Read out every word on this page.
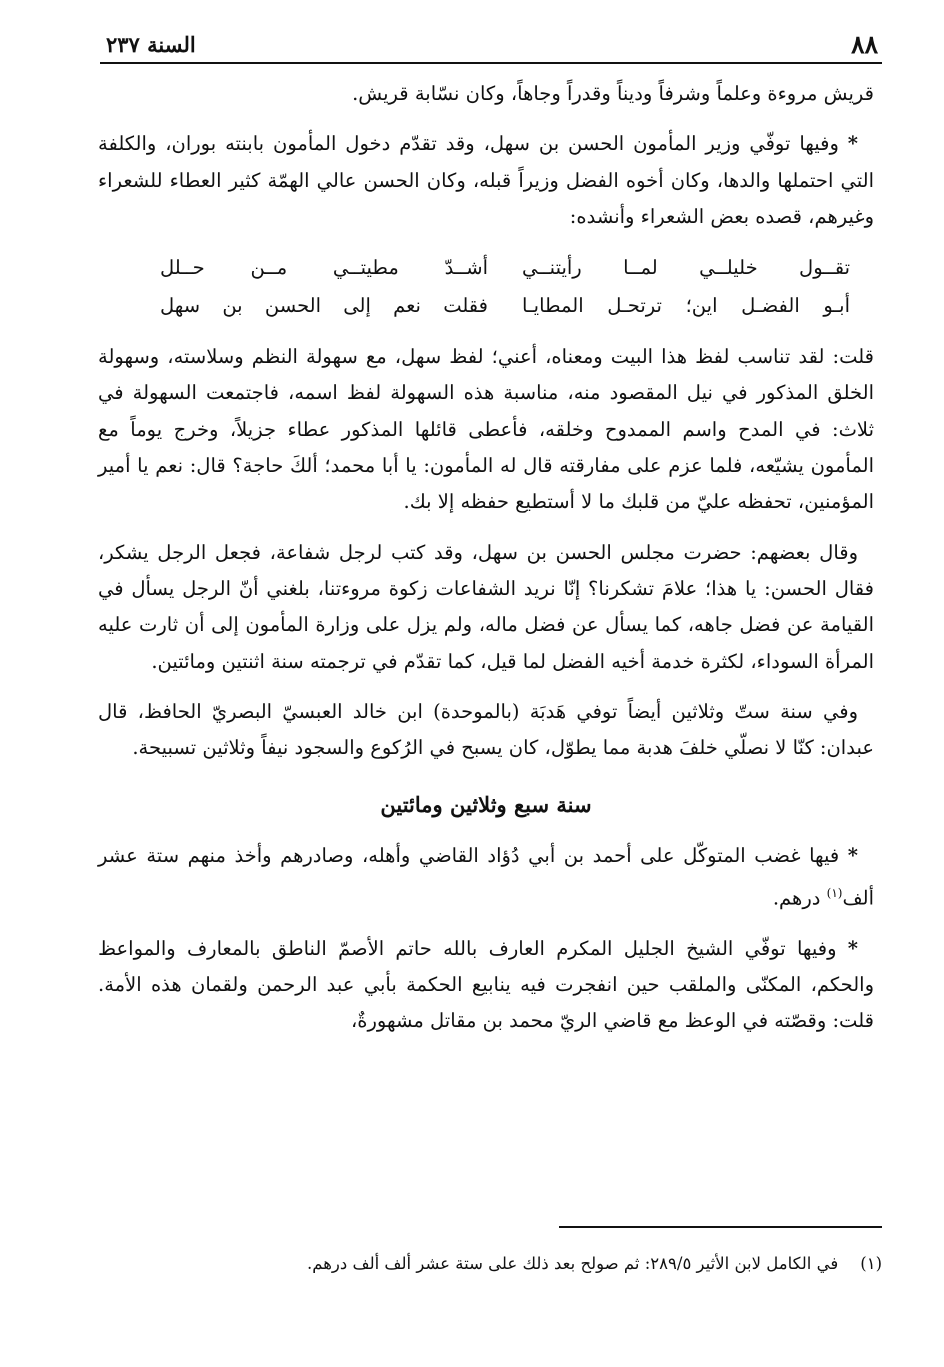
٨٨
السنة ٢٣٧

قريش مروءة وعلماً وشرفاً وديناً وقدراً وجاهاً، وكان نسّابة قريش.

* وفيها توفّي وزير المأمون الحسن بن سهل، وقد تقدّم دخول المأمون بابنته بوران، والكلفة التي احتملها والدها، وكان أخوه الفضل وزيراً قبله، وكان الحسن عالي الهمّة كثير العطاء للشعراء وغيرهم، قصده بعض الشعراء وأنشده:

تقــول خليلــي لمــا رأيتنــي
أشــدّ مطيتــي مــن حــلل
أبـو الفضـل اين؛ ترتحـل المطايـا
فقلت نعم إلى الحسن بن سهل

قلت: لقد تناسب لفظ هذا البيت ومعناه، أعني؛ لفظ سهل، مع سهولة النظم وسلاسته، وسهولة الخلق المذكور في نيل المقصود منه، مناسبة هذه السهولة لفظ اسمه، فاجتمعت السهولة في ثلاث: في المدح واسم الممدوح وخلقه، فأعطى قائلها المذكور عطاء جزيلاً، وخرج يوماً مع المأمون يشيّعه، فلما عزم على مفارقته قال له المأمون: يا أبا محمد؛ ألكَ حاجة؟ قال: نعم يا أمير المؤمنين، تحفظه عليّ من قلبك ما لا أستطيع حفظه إلا بك.

وقال بعضهم: حضرت مجلس الحسن بن سهل، وقد كتب لرجل شفاعة، فجعل الرجل يشكر، فقال الحسن: يا هذا؛ علامَ تشكرنا؟ إنّا نريد الشفاعات زكوة مروءتنا، بلغني أنّ الرجل يسأل في القيامة عن فضل جاهه، كما يسأل عن فضل ماله، ولم يزل على وزارة المأمون إلى أن ثارت عليه المرأة السوداء، لكثرة خدمة أخيه الفضل لما قيل، كما تقدّم في ترجمته سنة اثنتين ومائتين.

وفي سنة ستّ وثلاثين أيضاً توفي هَدبَة (بالموحدة) ابن خالد العبسيّ البصريّ الحافظ، قال عبدان: كنّا لا نصلّي خلفَ هدبة مما يطوّل، كان يسبح في الرُكوع والسجود نيفاً وثلاثين تسبيحة.

سنة سبع وثلاثين ومائتين

* فيها غضب المتوكّل على أحمد بن أبي دُؤاد القاضي وأهله، وصادرهم وأخذ منهم ستة عشر ألف$^{(١)}$ درهم.

* وفيها توفّي الشيخ الجليل المكرم العارف بالله حاتم الأصمّ الناطق بالمعارف والمواعظ والحكم، المكنّى والملقب حين انفجرت فيه ينابيع الحكمة بأبي عبد الرحمن ولقمان هذه الأمة. قلت: وقصّته في الوعظ مع قاضي الريّ محمد بن مقاتل مشهورةٌ،

(١)في الكامل لابن الأثير ٢٨٩/٥: ثم صولح بعد ذلك على ستة عشر ألف ألف درهم.
